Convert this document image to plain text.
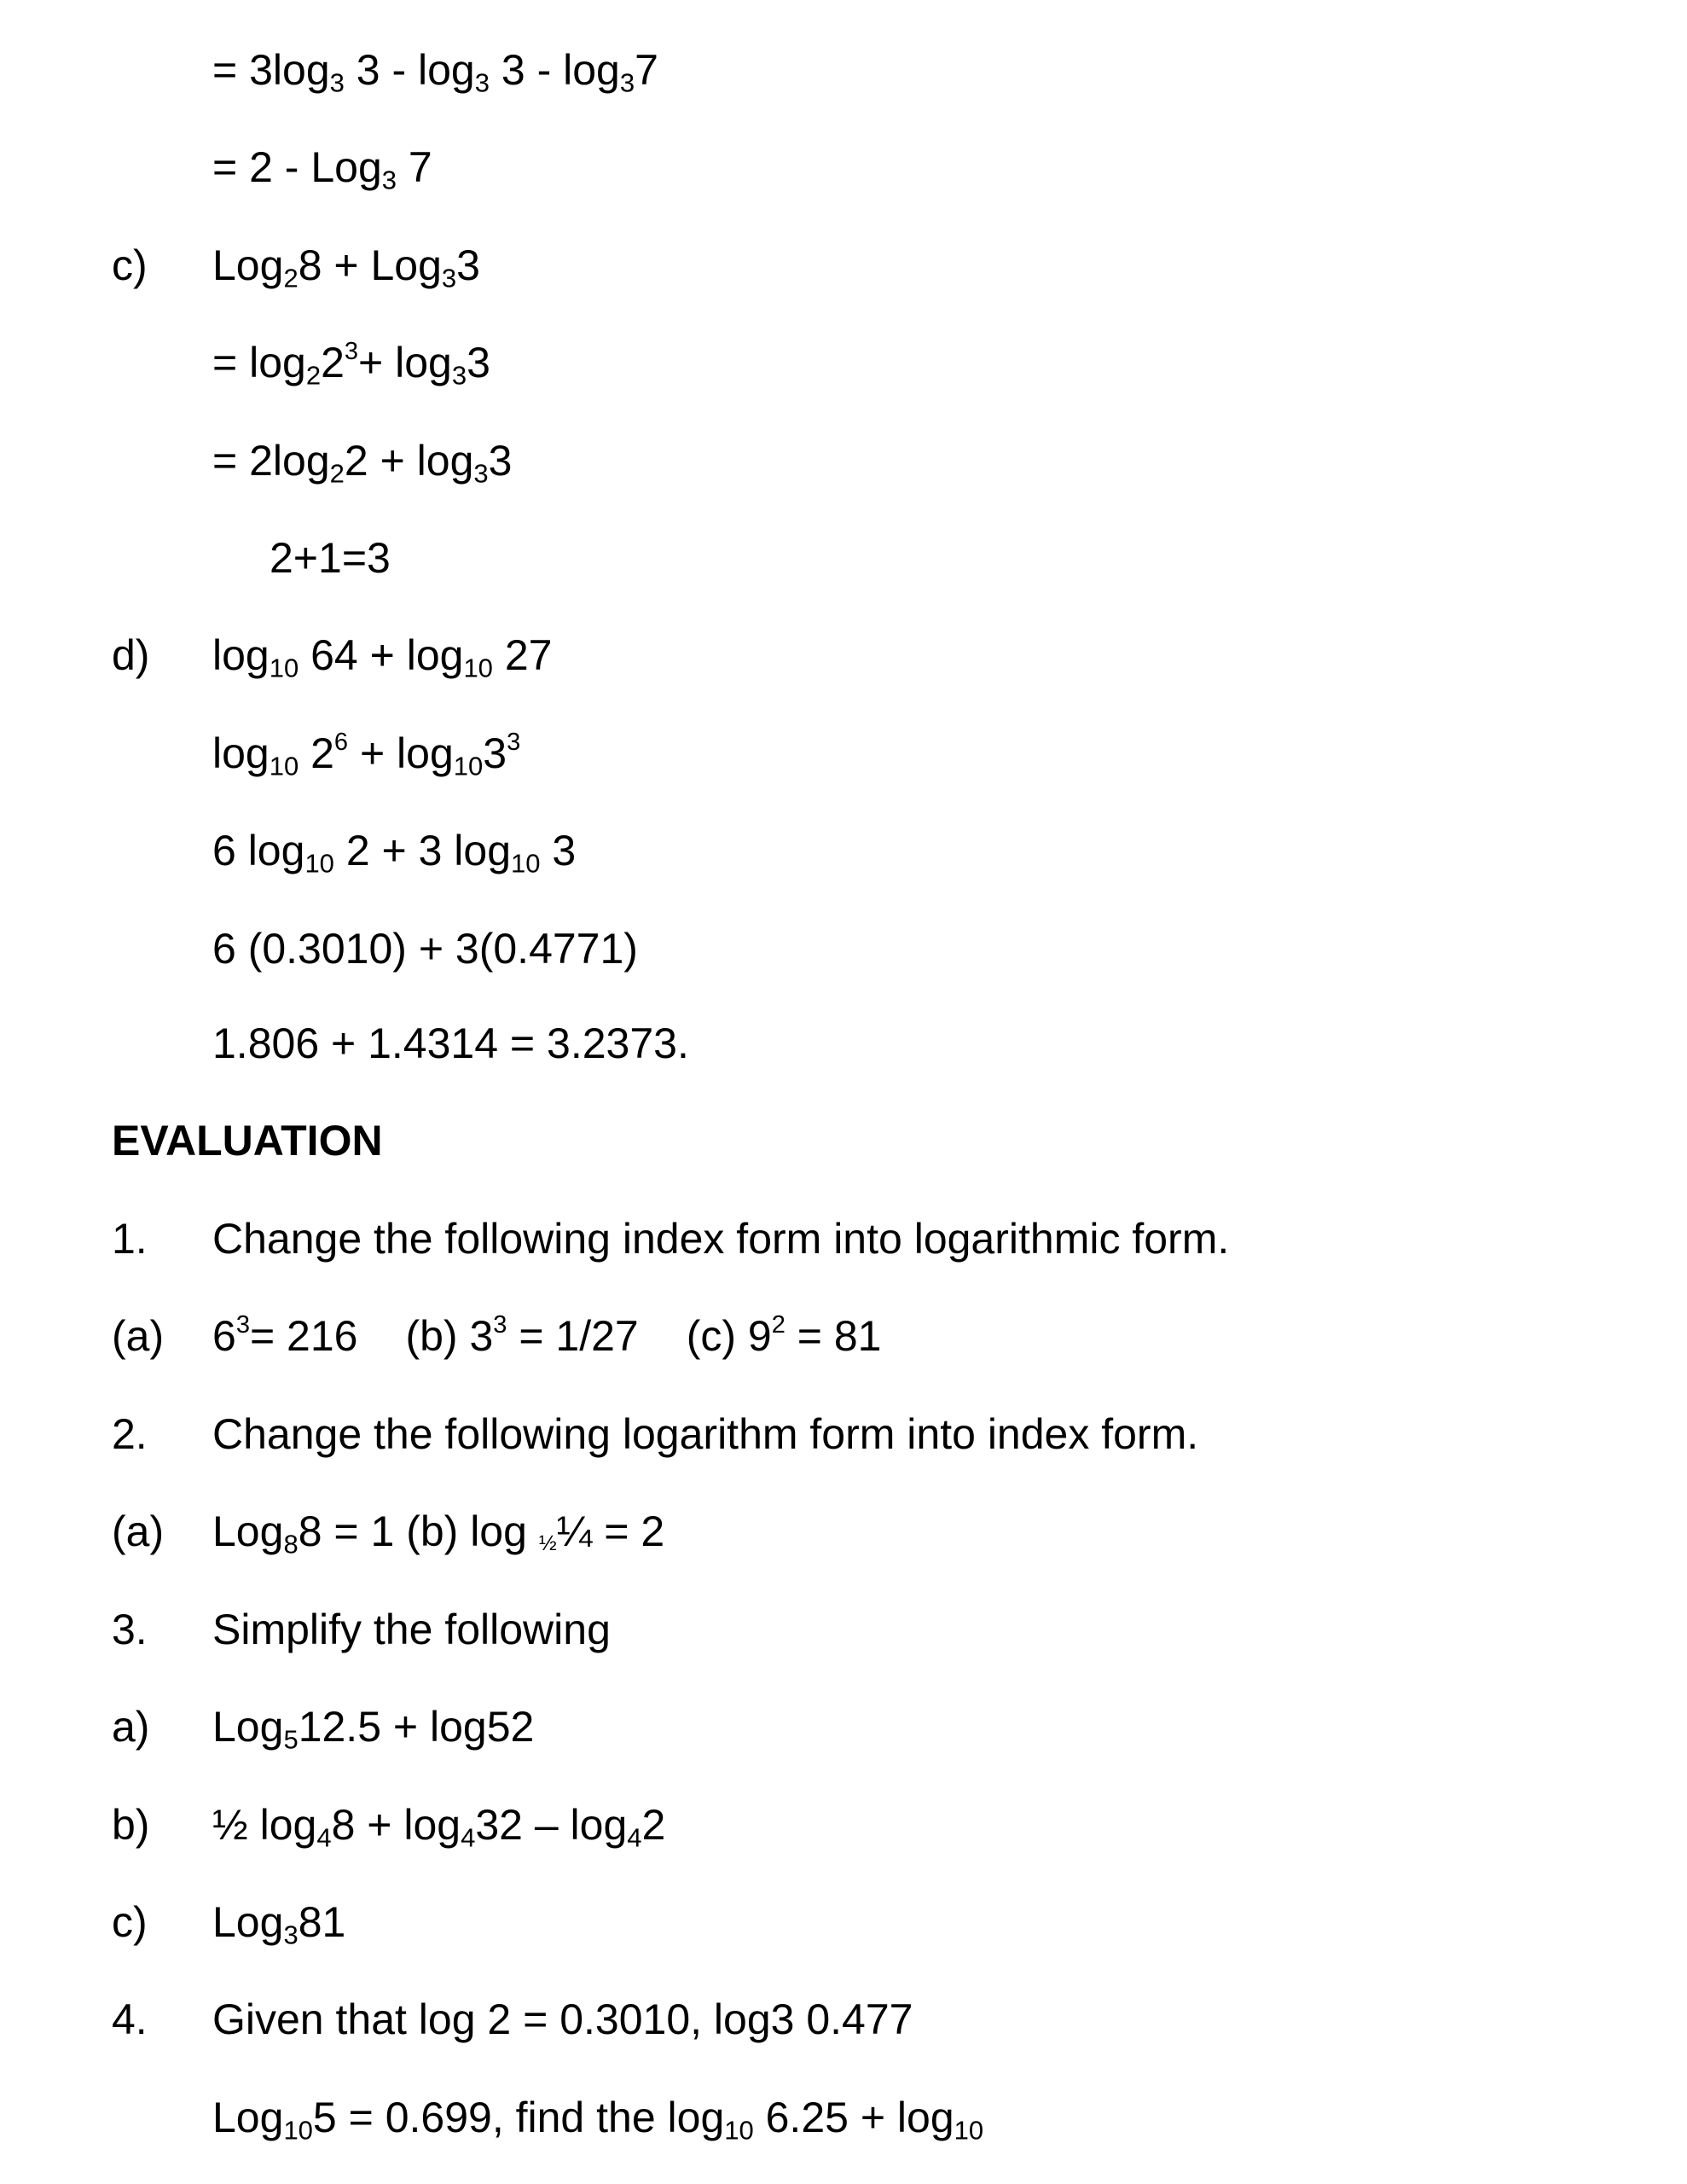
= $3\log_3$ $3 - \log_3 3 - \log_37$
= 2 - Log$_3$ 7
c) Log$_2$8 + Log$_3$3
= $\log_22^3+ \log_33$
= $2\log_22 + \log_33$
2+1=3
d) $\log_{10} 64 + \log_{10} 27$
$\log_{10} 2^6 + \log_{10}3^3$
6 $\log_{10} 2 + 3$ $\log_{10} 3$
6 (0.3010) + 3(0.4771)
1.806 + 1.4314 = 3.2373.
EVALUATION
1. Change the following index form into logarithmic form.
(a) $6^3= 216$ (b) $3^3 = 1/27$ (c) $9^2 = 81$
2. Change the following logarithm form into index form.
(a) Log$_8$8 = 1 (b) log ½¼ = 2
3. Simplify the following
a) Log$_5$12.5 + log52
b) ½ $\log_48 + \log_432 - \log_42$
c) Log$_3$81
4. Given that log 2 = 0.3010, log3 0.477
Log$_{10}$5 = 0.699, find the $\log_{10} 6.25 + \log_{10}$
